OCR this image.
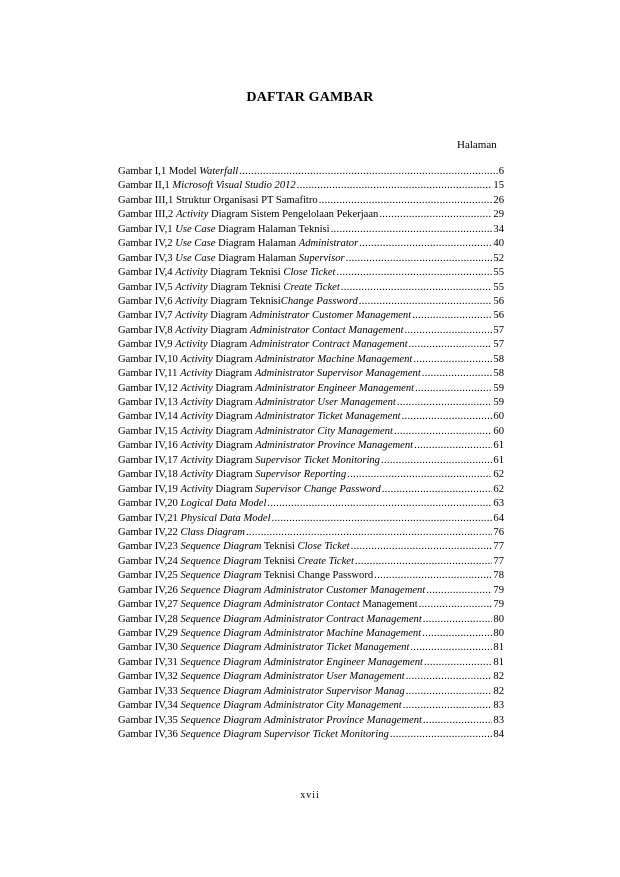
DAFTAR GAMBAR
Halaman
Gambar I,1 Model Waterfall .....	6
Gambar II,1 Microsoft Visual Studio 2012 .....	15
Gambar III,1 Struktur Organisasi PT Samafitro .....	26
Gambar III,2 Activity Diagram Sistem Pengelolaan Pekerjaan .....	29
Gambar IV,1 Use Case Diagram Halaman Teknisi .....	34
Gambar IV,2 Use Case Diagram Halaman Administrator .....	40
Gambar IV,3 Use Case Diagram Halaman Supervisor .....	52
Gambar IV,4 Activity Diagram Teknisi Close Ticket .....	55
Gambar IV,5 Activity Diagram Teknisi Create Ticket .....	55
Gambar IV,6 Activity Diagram TeknisiChange Password .....	56
Gambar IV,7 Activity Diagram Administrator Customer Management .....	56
Gambar IV,8 Activity Diagram Administrator Contact Management .....	57
Gambar IV,9 Activity Diagram Administrator Contract Management .....	57
Gambar IV,10 Activity Diagram Administrator Machine Management .....	58
Gambar IV,11 Activity Diagram Administrator Supervisor Management .....	58
Gambar IV,12 Activity Diagram Administrator Engineer Management .....	59
Gambar IV,13 Activity Diagram Administrator User Management .....	59
Gambar IV,14 Activity Diagram Administrator Ticket Management .....	60
Gambar IV,15 Activity Diagram Administrator City Management .....	60
Gambar IV,16 Activity Diagram Administrator Province Management .....	61
Gambar IV,17 Activity Diagram Supervisor Ticket Monitoring .....	61
Gambar IV,18 Activity Diagram Supervisor Reporting .....	62
Gambar IV,19 Activity Diagram Supervisor Change Password .....	62
Gambar IV,20 Logical Data Model .....	63
Gambar IV,21 Physical Data Model .....	64
Gambar IV,22 Class Diagram .....	76
Gambar IV,23 Sequence Diagram Teknisi Close Ticket .....	77
Gambar IV,24 Sequence Diagram Teknisi Create Ticket .....	77
Gambar IV,25 Sequence Diagram Teknisi Change Password .....	78
Gambar IV,26 Sequence Diagram Administrator Customer Management .....	79
Gambar IV,27 Sequence Diagram Administrator Contact Management .....	79
Gambar IV,28 Sequence Diagram Administrator Contract Management .....	80
Gambar IV,29 Sequence Diagram Administrator Machine Management .....	80
Gambar IV,30 Sequence Diagram Administrator Ticket Management .....	81
Gambar IV,31 Sequence Diagram Administrator Engineer Management .....	81
Gambar IV,32 Sequence Diagram Administrator User Management .....	82
Gambar IV,33 Sequence Diagram Administrator Supervisor Manag .....	82
Gambar IV,34 Sequence Diagram Administrator City Management .....	83
Gambar IV,35 Sequence Diagram Administrator Province Management .....	83
Gambar IV,36 Sequence Diagram Supervisor Ticket Monitoring .....	84
xvii
